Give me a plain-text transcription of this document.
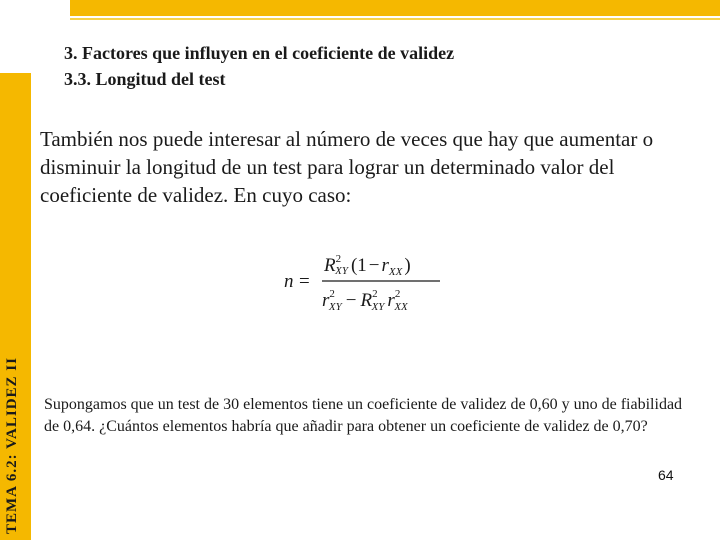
TEMA 6.2: VALIDEZ II
3. Factores que influyen en el coeficiente de validez
3.3. Longitud del test
También nos puede interesar al número de veces que hay que aumentar o disminuir la longitud de un test para lograr un determinado valor del coeficiente de validez. En cuyo caso:
n =
$R^2$ XY ($1 - r_{XX}$ )
$r^2$ XY − $R^2$ XY $r^2$ XX
Supongamos que un test de 30 elementos tiene un coeficiente de validez de 0,60 y uno de fiabilidad de 0,64. ¿Cuántos elementos habría que añadir para obtener un coeficiente de validez de 0,70?
64
